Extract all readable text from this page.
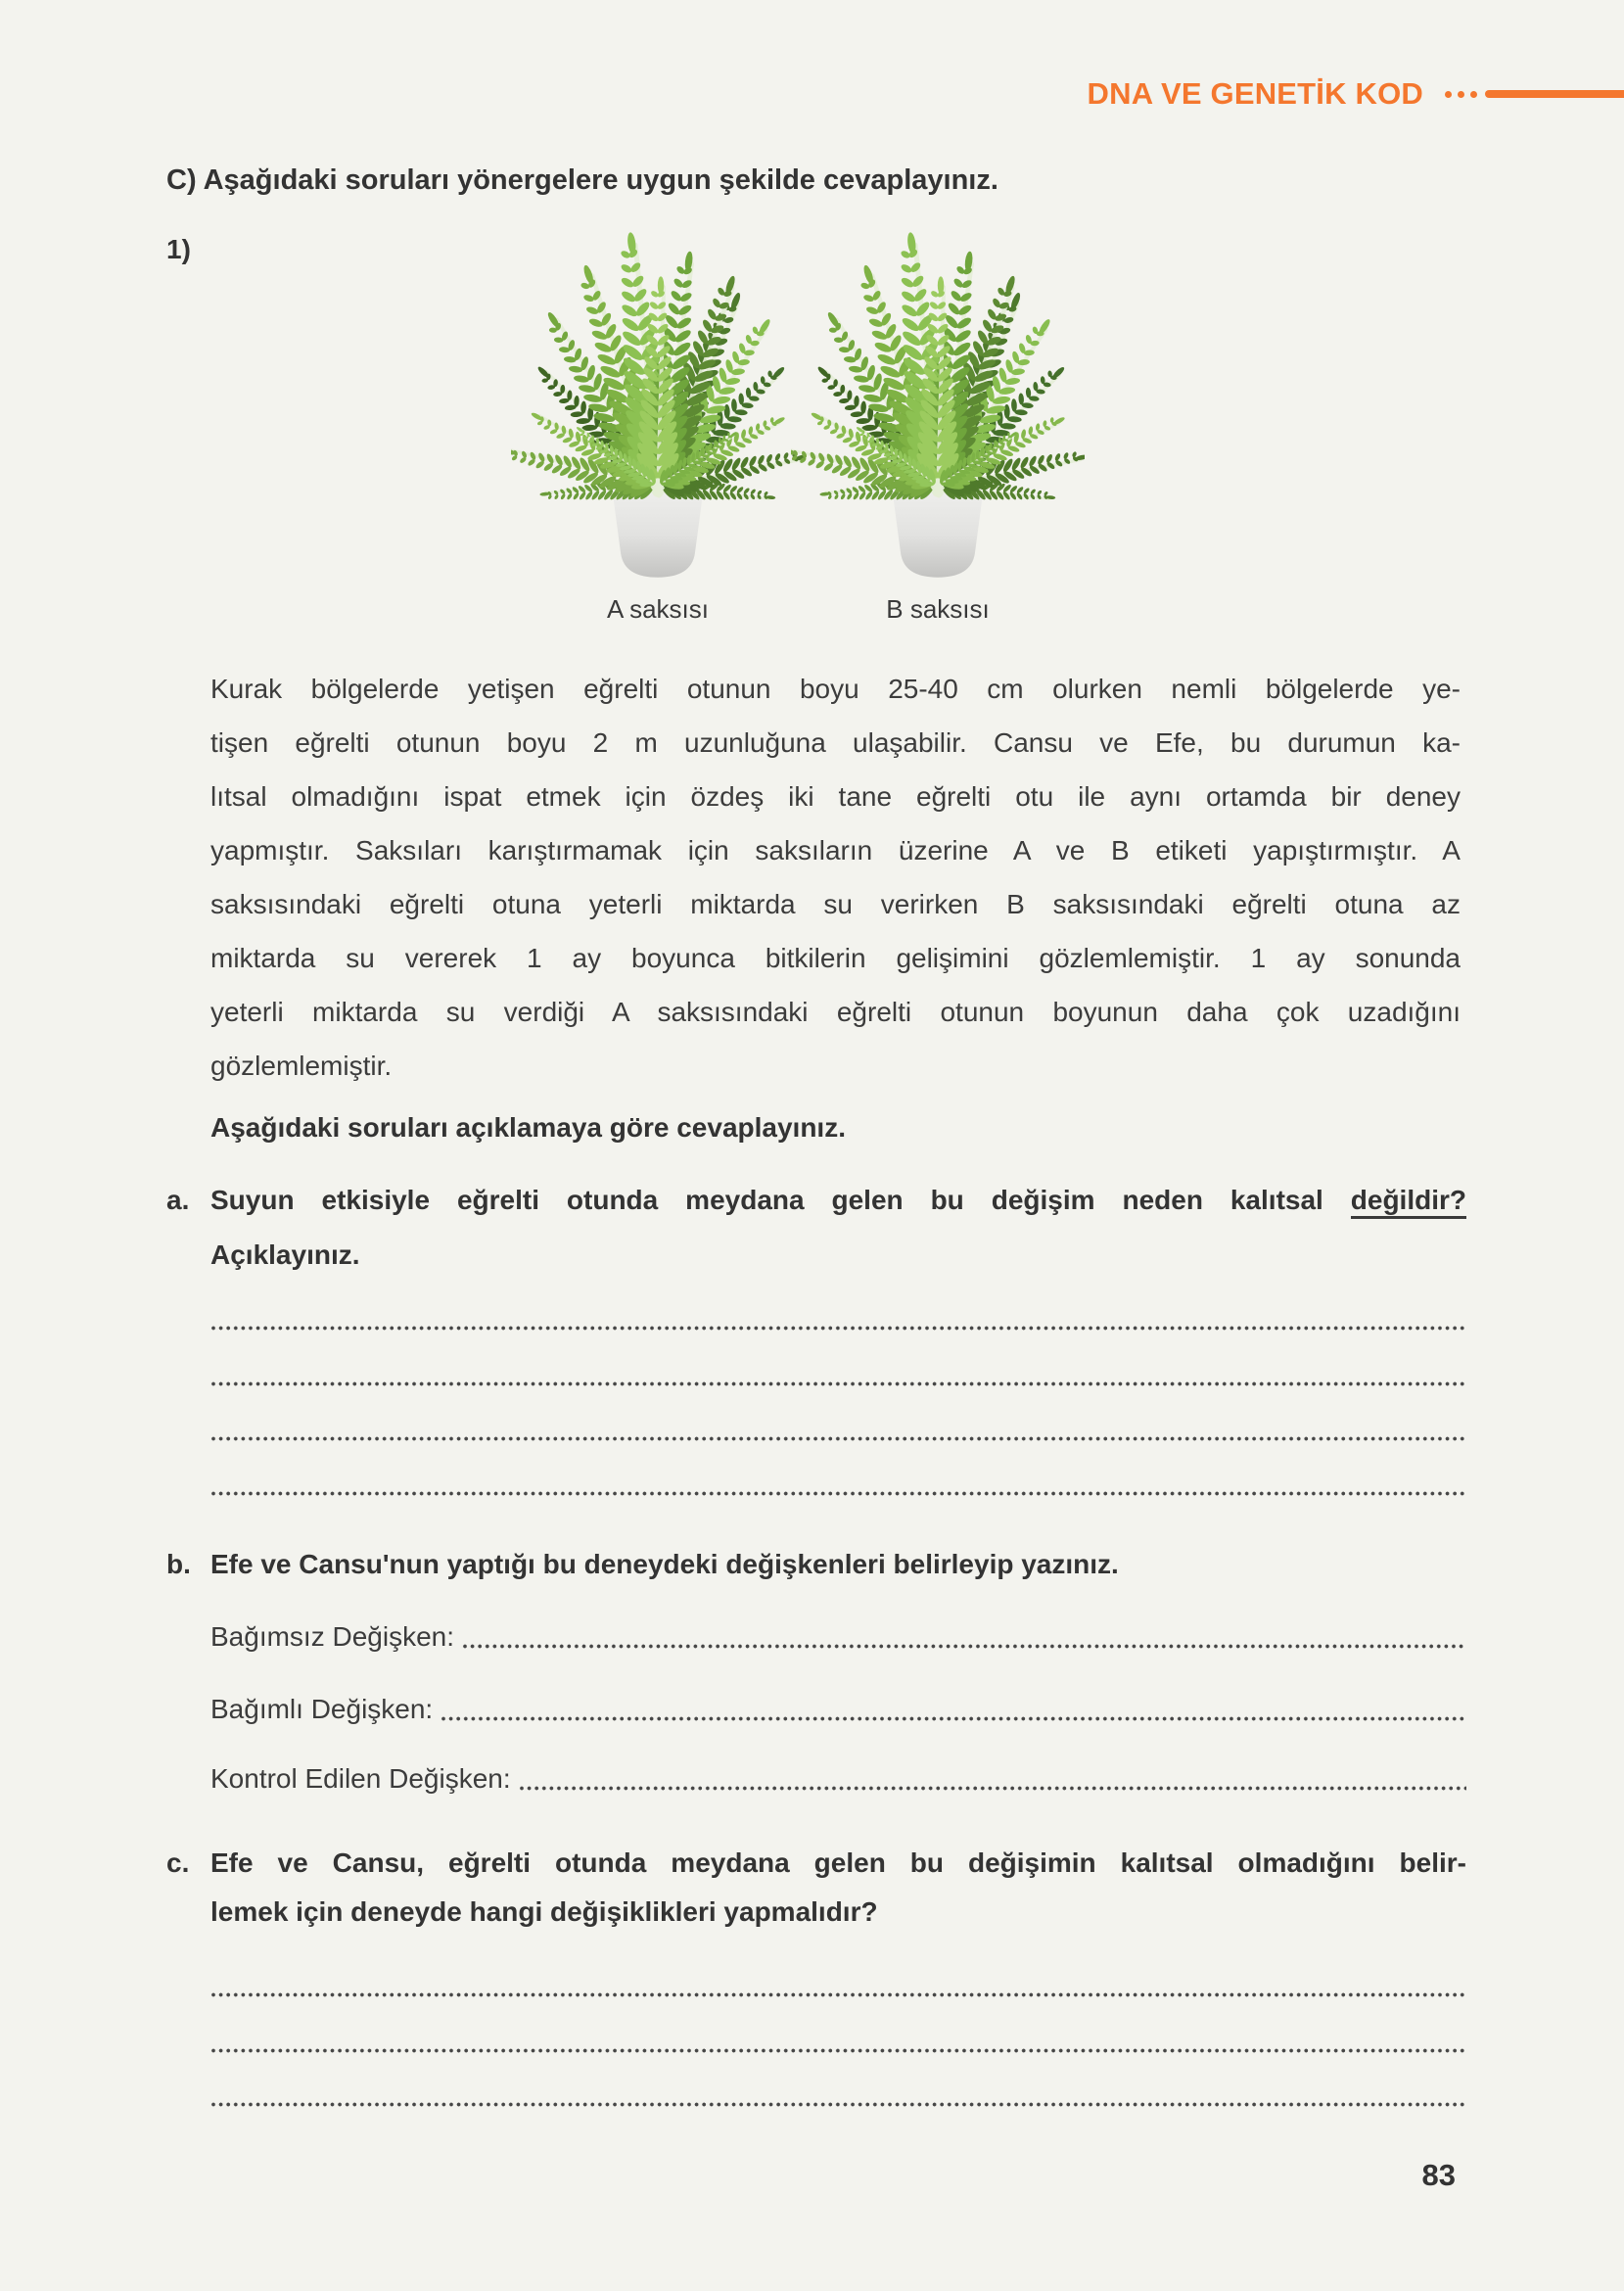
DNA VE GENETİK KOD
C) Aşağıdaki soruları yönergelere uygun şekilde cevaplayınız.
1)
A saksısı	B saksısı
Kurak bölgelerde yetişen eğrelti otunun boyu 25-40 cm olurken nemli bölgelerde ye-
tişen eğrelti otunun boyu 2 m uzunluğuna ulaşabilir. Cansu ve Efe, bu durumun ka-
lıtsal olmadığını ispat etmek için özdeş iki tane eğrelti otu ile aynı ortamda bir deney
yapmıştır. Saksıları karıştırmamak için saksıların üzerine A ve B etiketi yapıştırmıştır. A
saksısındaki eğrelti otuna yeterli miktarda su verirken B saksısındaki eğrelti otuna az
miktarda su vererek 1 ay boyunca bitkilerin gelişimini gözlemlemiştir. 1 ay sonunda
yeterli miktarda su verdiği A saksısındaki eğrelti otunun boyunun daha çok uzadığını
gözlemlemiştir.
Aşağıdaki soruları açıklamaya göre cevaplayınız.
a. Suyun etkisiyle eğrelti otunda meydana gelen bu değişim neden kalıtsal değildir?
Açıklayınız.
b. Efe ve Cansu'nun yaptığı bu deneydeki değişkenleri belirleyip yazınız.
Bağımsız Değişken:
Bağımlı Değişken:
Kontrol Edilen Değişken:
c. Efe ve Cansu, eğrelti otunda meydana gelen bu değişimin kalıtsal olmadığını belir-
lemek için deneyde hangi değişiklikleri yapmalıdır?
83
